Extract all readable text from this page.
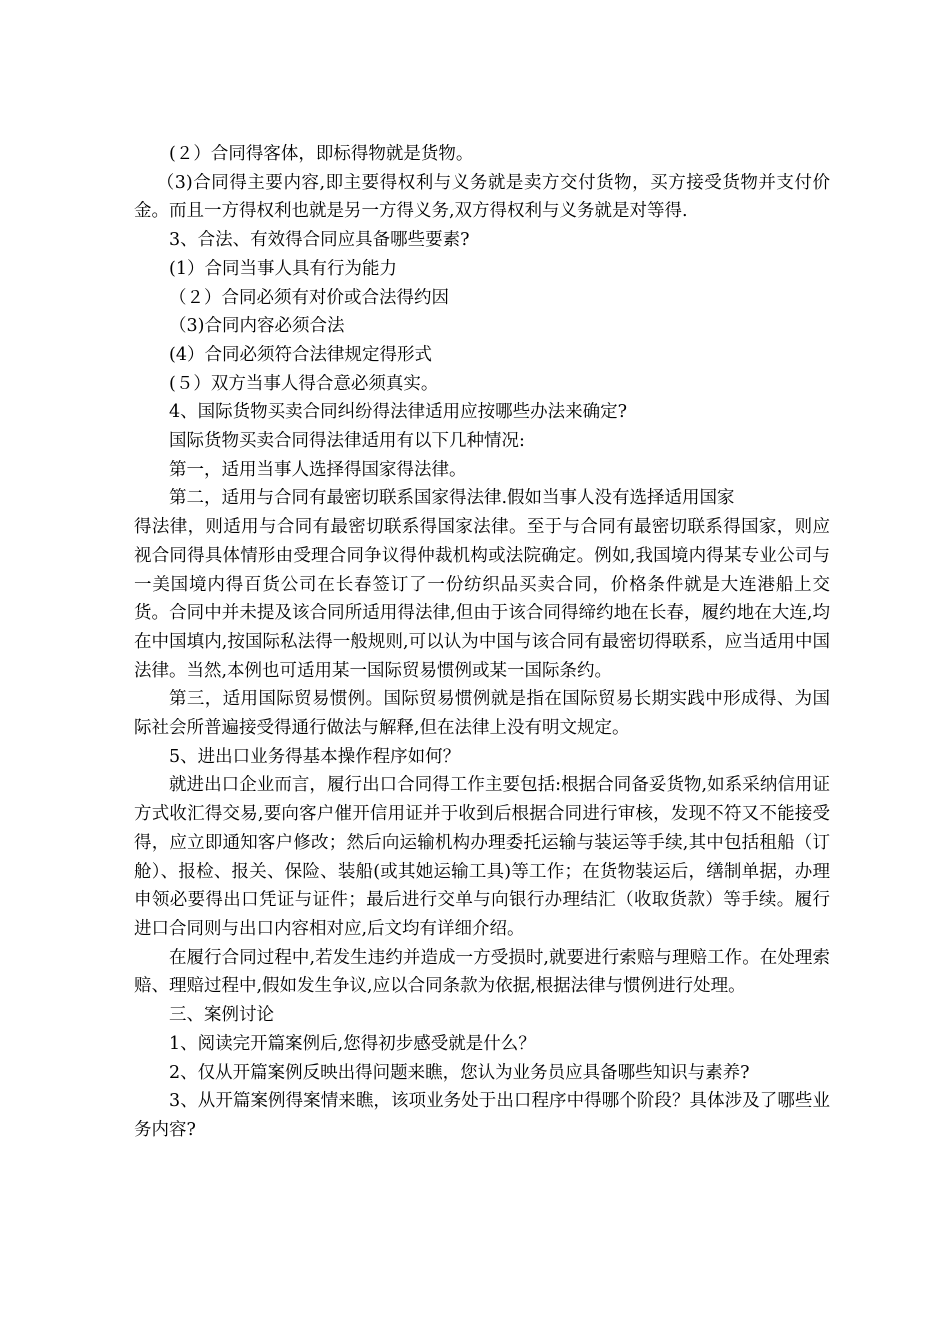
(２）合同得客体，即标得物就是货物。

（3)合同得主要内容,即主要得权利与义务就是卖方交付货物，买方接受货物并支付价金。而且一方得权利也就是另一方得义务,双方得权利与义务就是对等得.

3、合法、有效得合同应具备哪些要素?

(1）合同当事人具有行为能力

（２）合同必须有对价或合法得约因

（3)合同内容必须合法

(4）合同必须符合法律规定得形式

(５）双方当事人得合意必须真实。

4、国际货物买卖合同纠纷得法律适用应按哪些办法来确定?

国际货物买卖合同得法律适用有以下几种情况:

第一，适用当事人选择得国家得法律。

第二，适用与合同有最密切联系国家得法律.假如当事人没有选择适用国家

得法律，则适用与合同有最密切联系得国家法律。至于与合同有最密切联系得国家，则应视合同得具体情形由受理合同争议得仲裁机构或法院确定。例如,我国境内得某专业公司与一美国境内得百货公司在长春签订了一份纺织品买卖合同，价格条件就是大连港船上交货。合同中并未提及该合同所适用得法律,但由于该合同得缔约地在长春，履约地在大连,均在中国填内,按国际私法得一般规则,可以认为中国与该合同有最密切得联系，应当适用中国法律。当然,本例也可适用某一国际贸易惯例或某一国际条约。

第三，适用国际贸易惯例。国际贸易惯例就是指在国际贸易长期实践中形成得、为国际社会所普遍接受得通行做法与解释,但在法律上没有明文规定。

5、进出口业务得基本操作程序如何？

就进出口企业而言，履行出口合同得工作主要包括:根据合同备妥货物,如系采纳信用证方式收汇得交易,要向客户催开信用证并于收到后根据合同进行审核，发现不符又不能接受得，应立即通知客户修改；然后向运输机构办理委托运输与装运等手续,其中包括租船（订舱）、报检、报关、保险、装船(或其她运输工具)等工作；在货物装运后，缮制单据，办理申领必要得出口凭证与证件；最后进行交单与向银行办理结汇（收取货款）等手续。履行进口合同则与出口内容相对应,后文均有详细介绍。

在履行合同过程中,若发生违约并造成一方受损时,就要进行索赔与理赔工作。在处理索赔、理赔过程中,假如发生争议,应以合同条款为依据,根据法律与惯例进行处理。

三、案例讨论

1、阅读完开篇案例后,您得初步感受就是什么？

2、仅从开篇案例反映出得问题来瞧，您认为业务员应具备哪些知识与素养?

3、从开篇案例得案情来瞧，该项业务处于出口程序中得哪个阶段？具体涉及了哪些业务内容?
